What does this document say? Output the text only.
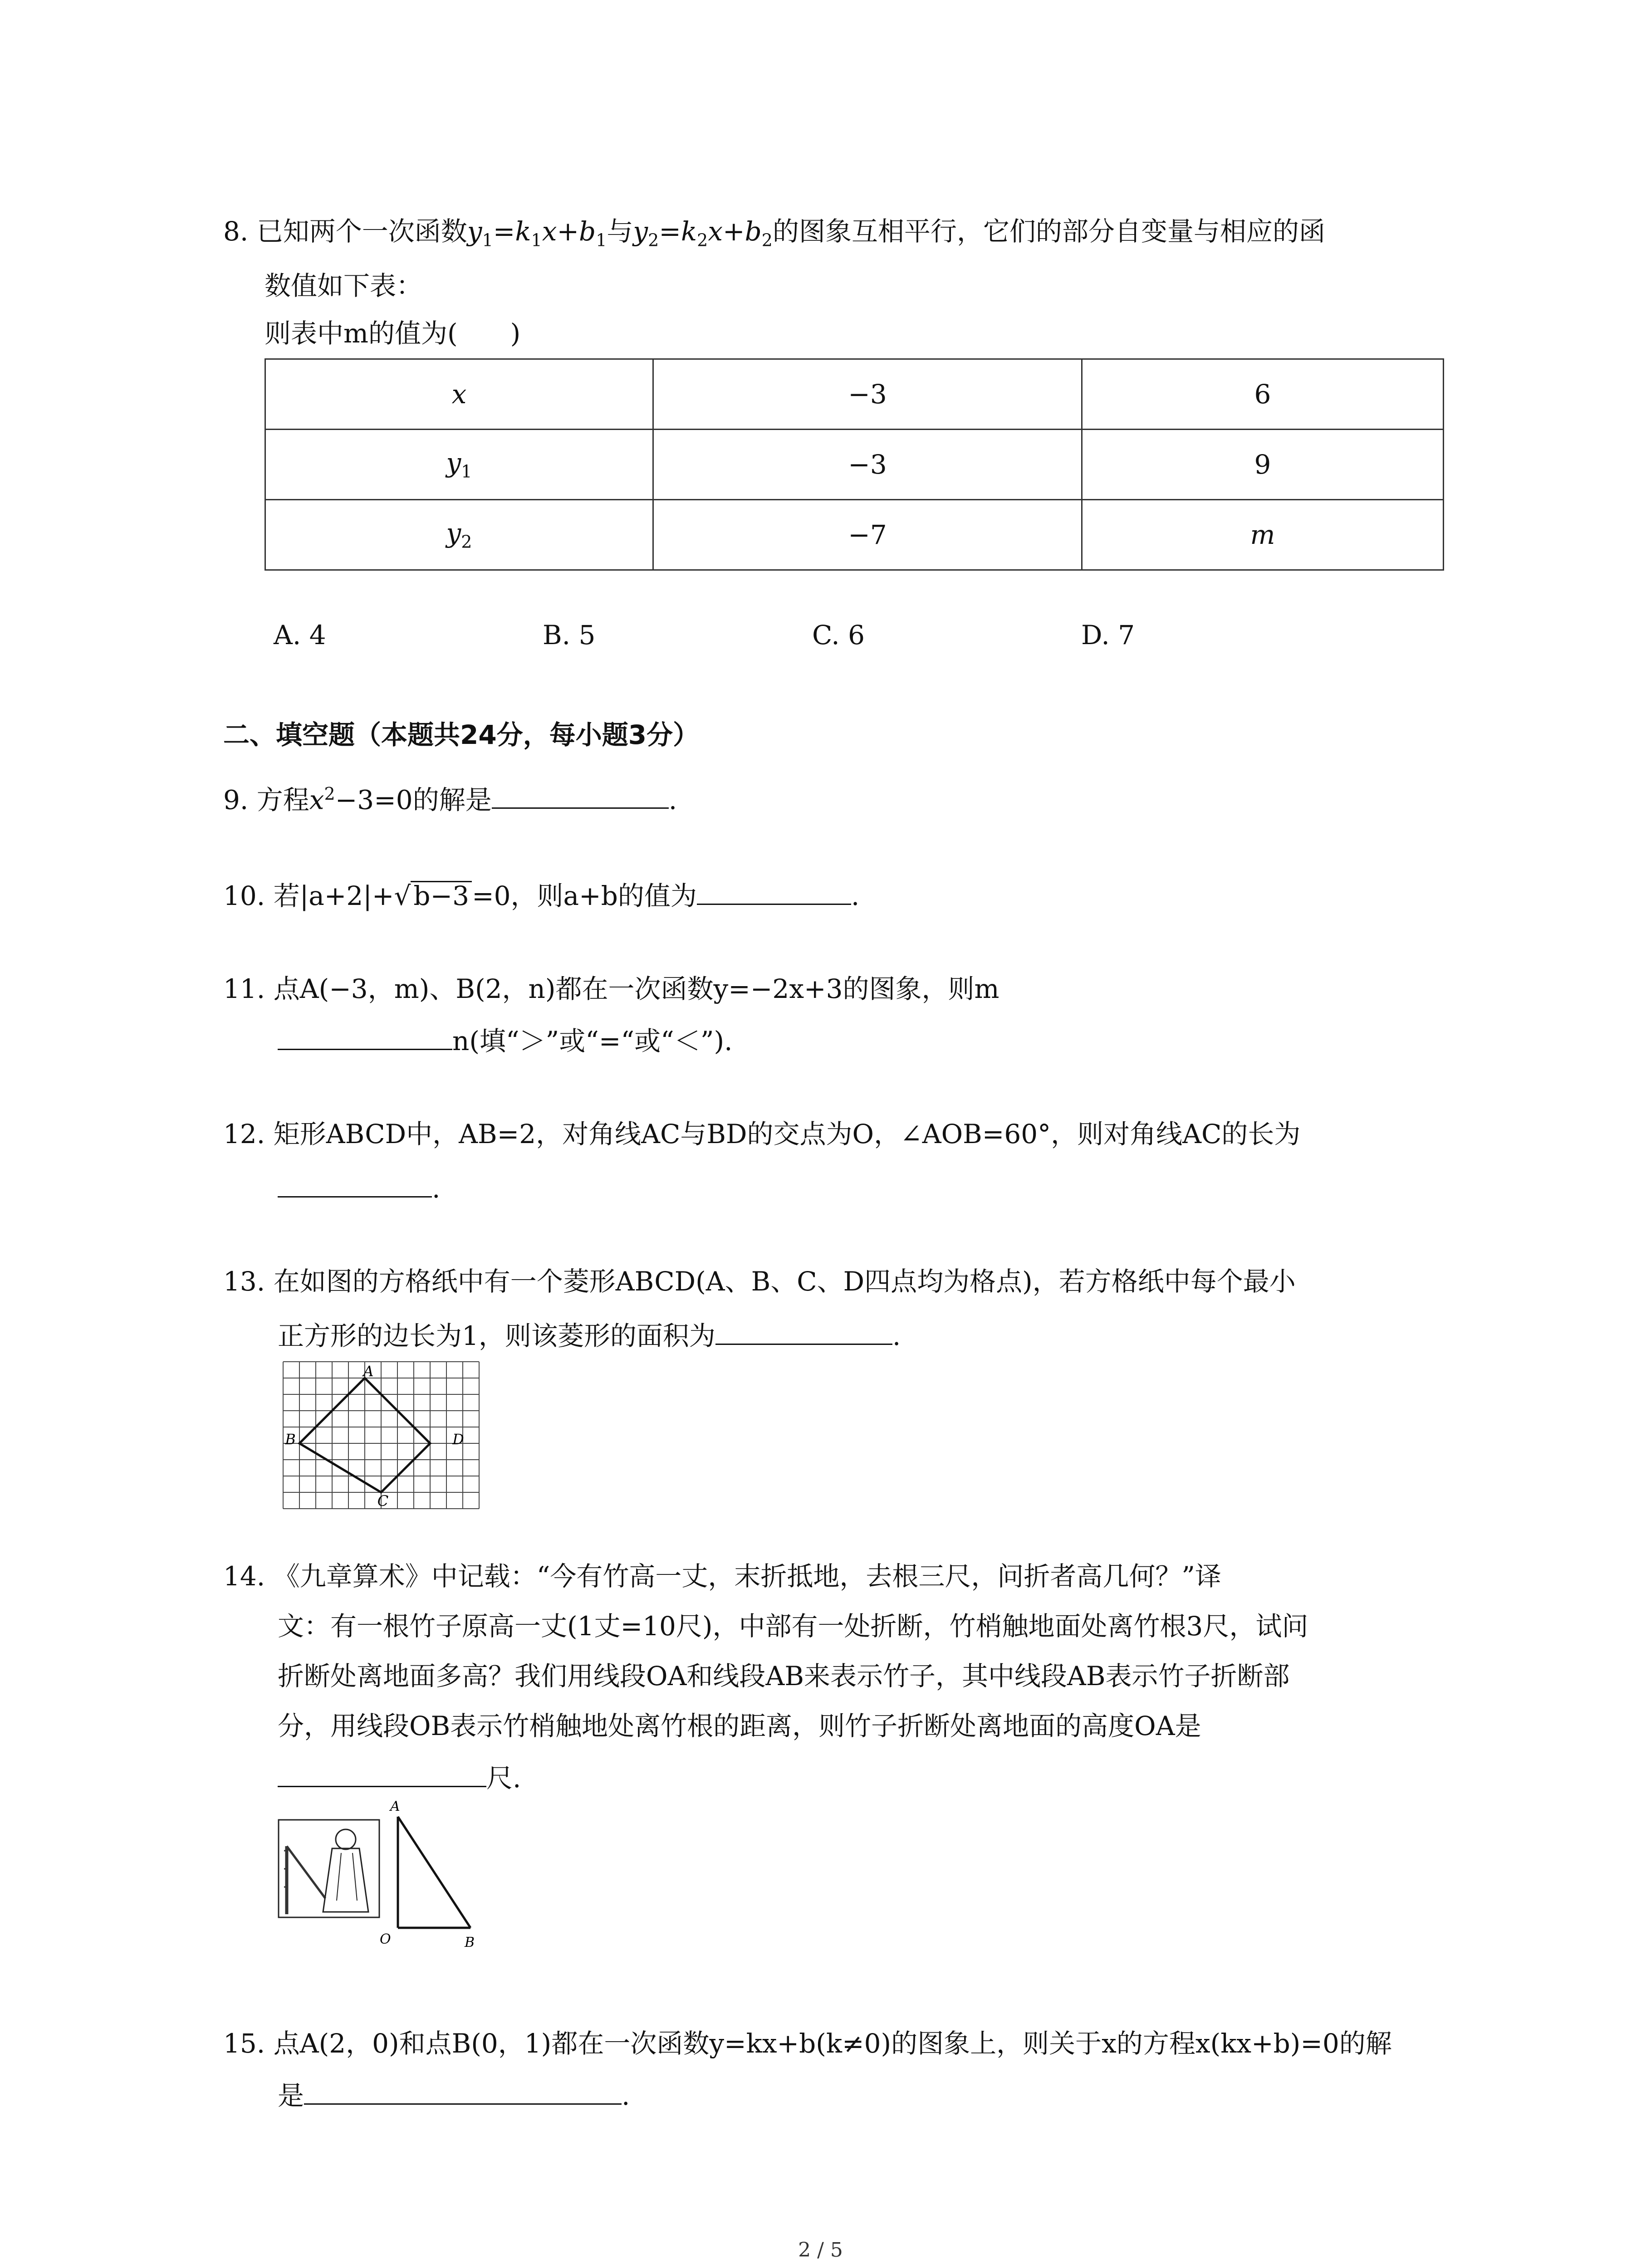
8. 已知两个一次函数$y_1=k_1x+b_1$与$y_2=k_2x+b_2$的图象互相平行，它们的部分自变量与相应的函
数值如下表：
则表中m的值为(　　)
x	−3	6
$y_1$	−3	9
$y_2$	−7	m
A. 4	B. 5	C. 6	D. 7
二、填空题（本题共24分，每小题3分）
9. 方程$x^2-3=0$的解是	.
10. 若|a+2|+√ b−3 =0，则a+b的值为	.
11. 点A(−3，m)、B(2，n)都在一次函数y=−2x+3的图象，则m
n(填“＞”或“=“或“＜”).
12. 矩形ABCD中，AB=2，对角线AC与BD的交点为O，∠AOB=60°，则对角线AC的长为
.
13. 在如图的方格纸中有一个菱形ABCD(A、B、C、D四点均为格点)，若方格纸中每个最小
正方形的边长为1，则该菱形的面积为	.
A
B
C
D
14. 《九章算术》中记载：“今有竹高一丈，末折抵地，去根三尺，问折者高几何？”译
文：有一根竹子原高一丈(1丈=10尺)，中部有一处折断，竹梢触地面处离竹根3尺，试问
折断处离地面多高？我们用线段OA和线段AB来表示竹子，其中线段AB表示竹子折断部
分，用线段OB表示竹梢触地处离竹根的距离，则竹子折断处离地面的高度OA是
尺.
A
O	B
15. 点A(2，0)和点B(0，1)都在一次函数y=kx+b(k≠0)的图象上，则关于x的方程x(kx+b)=0的解
是	.
2 / 5
